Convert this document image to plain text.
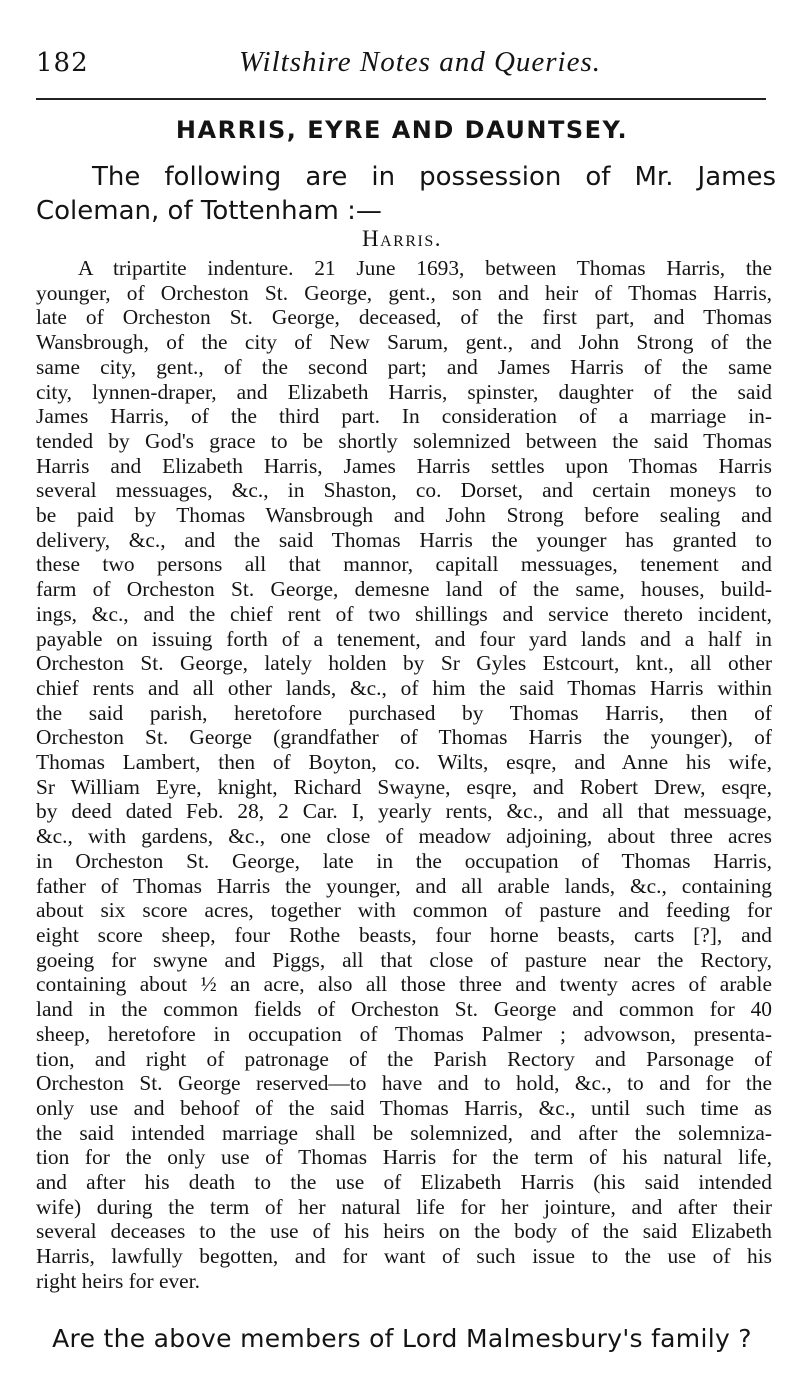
182	Wiltshire Notes and Queries.
HARRIS, EYRE AND DAUNTSEY.
The following are in possession of Mr. James Coleman, of Tottenham :—
Harris.
A tripartite indenture. 21 June 1693, between Thomas Harris, the
younger, of Orcheston St. George, gent., son and heir of Thomas Harris,
late of Orcheston St. George, deceased, of the first part, and Thomas
Wansbrough, of the city of New Sarum, gent., and John Strong of the
same city, gent., of the second part; and James Harris of the same
city, lynnen-draper, and Elizabeth Harris, spinster, daughter of the said
James Harris, of the third part. In consideration of a marriage in-
tended by God's grace to be shortly solemnized between the said Thomas
Harris and Elizabeth Harris, James Harris settles upon Thomas Harris
several messuages, &c., in Shaston, co. Dorset, and certain moneys to
be paid by Thomas Wansbrough and John Strong before sealing and
delivery, &c., and the said Thomas Harris the younger has granted to
these two persons all that mannor, capitall messuages, tenement and
farm of Orcheston St. George, demesne land of the same, houses, build-
ings, &c., and the chief rent of two shillings and service thereto incident,
payable on issuing forth of a tenement, and four yard lands and a half in
Orcheston St. George, lately holden by Sr Gyles Estcourt, knt., all other
chief rents and all other lands, &c., of him the said Thomas Harris within
the said parish, heretofore purchased by Thomas Harris, then of
Orcheston St. George (grandfather of Thomas Harris the younger), of
Thomas Lambert, then of Boyton, co. Wilts, esqre, and Anne his wife,
Sr William Eyre, knight, Richard Swayne, esqre, and Robert Drew, esqre,
by deed dated Feb. 28, 2 Car. I, yearly rents, &c., and all that messuage,
&c., with gardens, &c., one close of meadow adjoining, about three acres
in Orcheston St. George, late in the occupation of Thomas Harris,
father of Thomas Harris the younger, and all arable lands, &c., containing
about six score acres, together with common of pasture and feeding for
eight score sheep, four Rothe beasts, four horne beasts, carts [?], and
goeing for swyne and Piggs, all that close of pasture near the Rectory,
containing about ½ an acre, also all those three and twenty acres of arable
land in the common fields of Orcheston St. George and common for 40
sheep, heretofore in occupation of Thomas Palmer ; advowson, presenta-
tion, and right of patronage of the Parish Rectory and Parsonage of
Orcheston St. George reserved—to have and to hold, &c., to and for the
only use and behoof of the said Thomas Harris, &c., until such time as
the said intended marriage shall be solemnized, and after the solemniza-
tion for the only use of Thomas Harris for the term of his natural life,
and after his death to the use of Elizabeth Harris (his said intended
wife) during the term of her natural life for her jointure, and after their
several deceases to the use of his heirs on the body of the said Elizabeth
Harris, lawfully begotten, and for want of such issue to the use of his
right heirs for ever.
Are the above members of Lord Malmesbury's family ?
